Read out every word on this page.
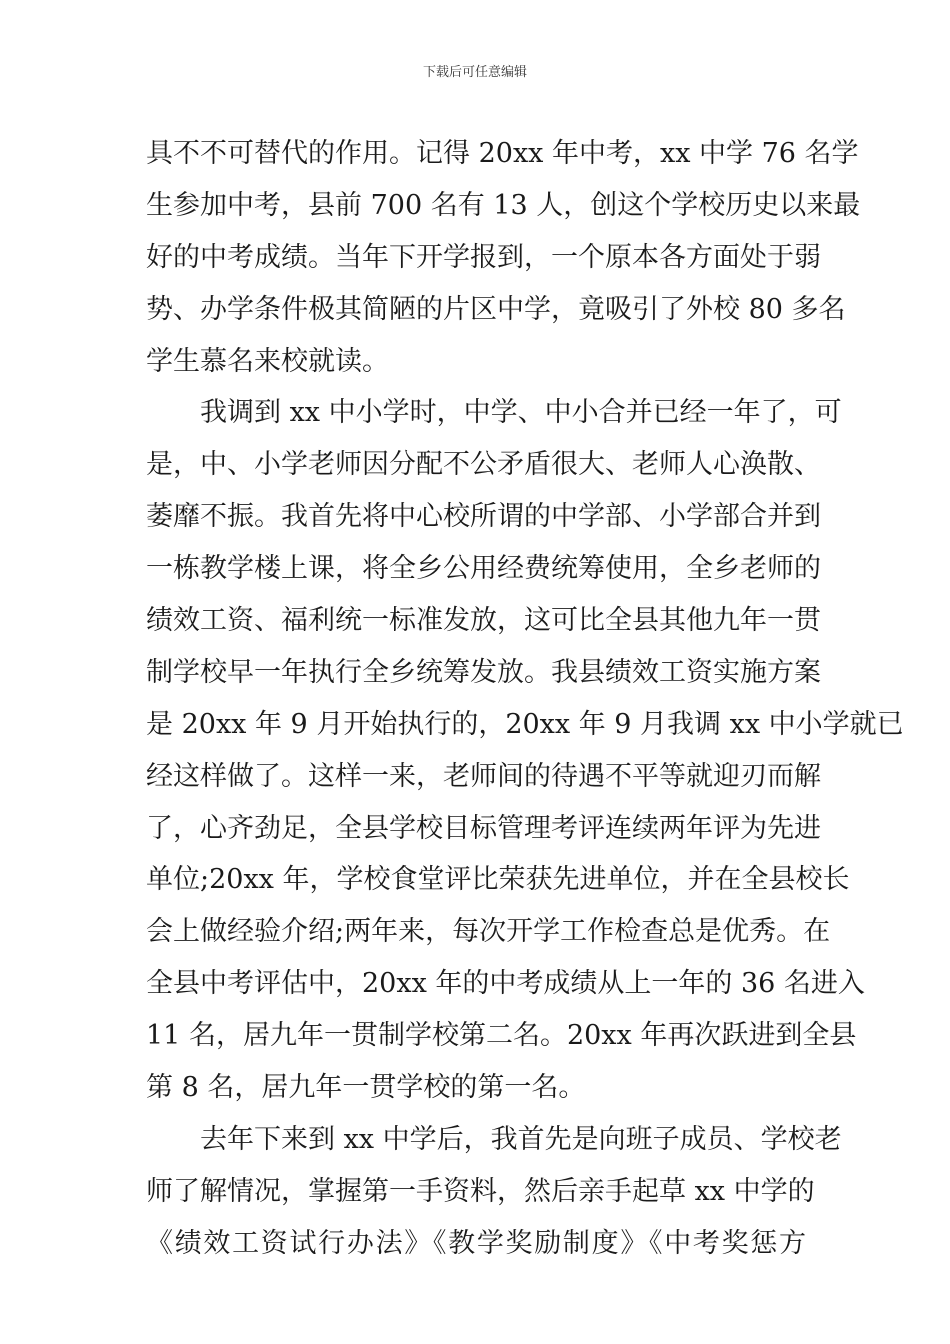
下载后可任意编辑
具不不可替代的作用。记得 20xx 年中考，xx 中学 76 名学
生参加中考，县前 700 名有 13 人，创这个学校历史以来最
好的中考成绩。当年下开学报到，一个原本各方面处于弱
势、办学条件极其简陋的片区中学，竟吸引了外校 80 多名
学生慕名来校就读。
我调到 xx 中小学时，中学、中小合并已经一年了，可
是，中、小学老师因分配不公矛盾很大、老师人心涣散、
萎靡不振。我首先将中心校所谓的中学部、小学部合并到
一栋教学楼上课，将全乡公用经费统筹使用，全乡老师的
绩效工资、福利统一标准发放，这可比全县其他九年一贯
制学校早一年执行全乡统筹发放。我县绩效工资实施方案
是 20xx 年 9 月开始执行的，20xx 年 9 月我调 xx 中小学就已
经这样做了。这样一来，老师间的待遇不平等就迎刃而解
了，心齐劲足，全县学校目标管理考评连续两年评为先进
单位;20xx 年，学校食堂评比荣获先进单位，并在全县校长
会上做经验介绍;两年来，每次开学工作检查总是优秀。在
全县中考评估中，20xx 年的中考成绩从上一年的 36 名进入
11 名，居九年一贯制学校第二名。20xx 年再次跃进到全县
第 8 名，居九年一贯学校的第一名。
去年下来到 xx 中学后，我首先是向班子成员、学校老
师了解情况，掌握第一手资料，然后亲手起草 xx 中学的
《绩效工资试行办法》《教学奖励制度》《中考奖惩方
